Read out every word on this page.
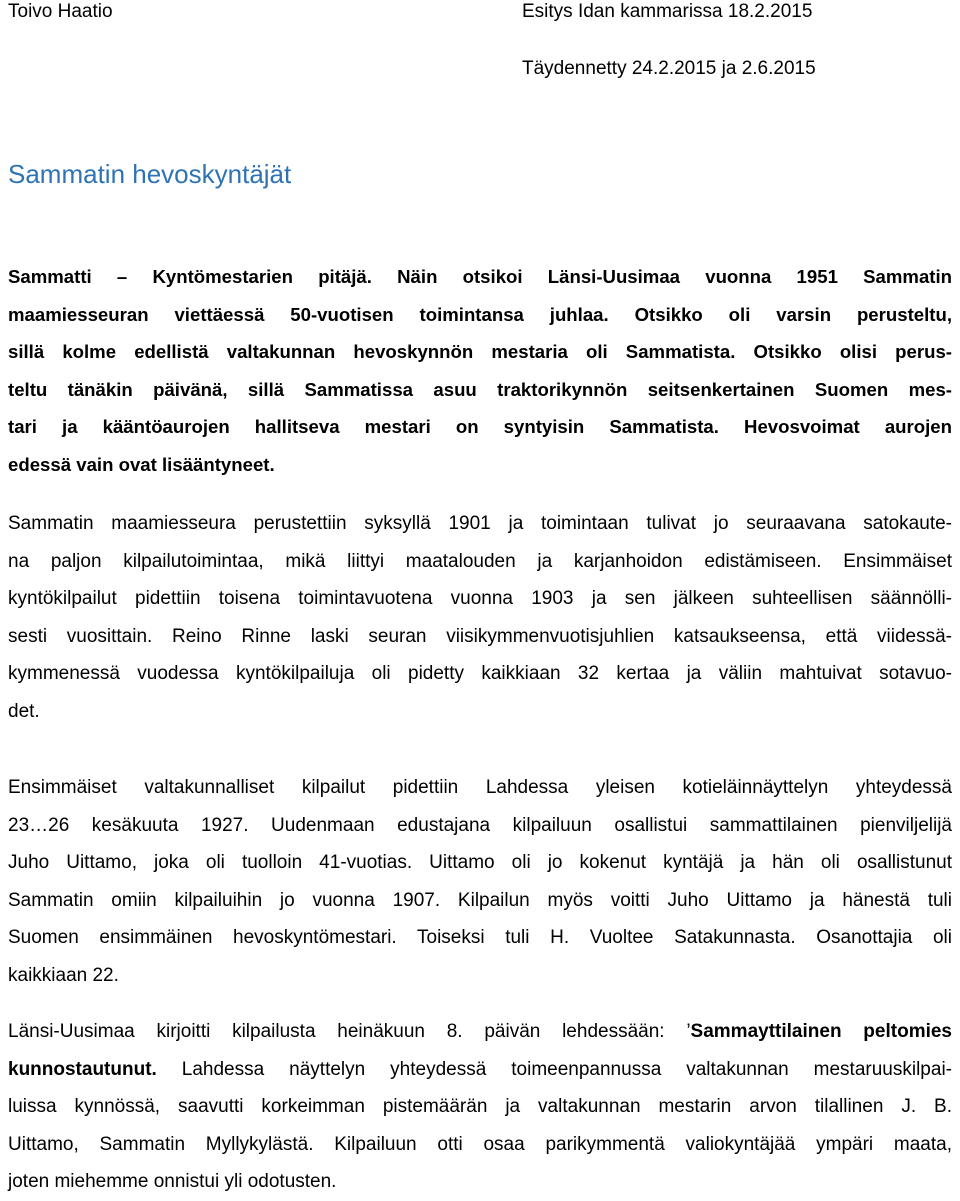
Toivo Haatio	Esitys Idan kammarissa 18.2.2015
Täydennetty 24.2.2015 ja 2.6.2015
Sammatin hevoskyntäjät
Sammatti – Kyntömestarien pitäjä. Näin otsikoi Länsi-Uusimaa vuonna 1951 Sammatin
maamiesseuran viettäessä 50-vuotisen toimintansa juhlaa. Otsikko oli varsin perusteltu,
sillä kolme edellistä valtakunnan hevoskynnön mestaria oli Sammatista. Otsikko olisi perus-
teltu tänäkin päivänä, sillä Sammatissa asuu traktorikynnön seitsenkertainen Suomen mes-
tari ja kääntöaurojen hallitseva mestari on syntyisin Sammatista. Hevosvoimat aurojen
edessä vain ovat lisääntyneet.
Sammatin maamiesseura perustettiin syksyllä 1901 ja toimintaan tulivat jo seuraavana satokaute-
na paljon kilpailutoimintaa, mikä liittyi maatalouden ja karjanhoidon edistämiseen. Ensimmäiset
kyntökilpailut pidettiin toisena toimintavuotena vuonna 1903 ja sen jälkeen suhteellisen säännölli-
sesti vuosittain. Reino Rinne laski seuran viisikymmenvuotisjuhlien katsaukseensa, että viidessä-
kymmenessä vuodessa kyntökilpailuja oli pidetty kaikkiaan 32 kertaa ja väliin mahtuivat sotavuo-
det.
Ensimmäiset valtakunnalliset kilpailut pidettiin Lahdessa yleisen kotieläinnäyttelyn yhteydessä
23…26 kesäkuuta 1927. Uudenmaan edustajana kilpailuun osallistui sammattilainen pienviljelijä
Juho Uittamo, joka oli tuolloin 41-vuotias. Uittamo oli jo kokenut kyntäjä ja hän oli osallistunut
Sammatin omiin kilpailuihin jo vuonna 1907. Kilpailun myös voitti Juho Uittamo ja hänestä tuli
Suomen ensimmäinen hevoskyntömestari. Toiseksi tuli H. Vuoltee Satakunnasta. Osanottajia oli
kaikkiaan 22.
Länsi-Uusimaa kirjoitti kilpailusta heinäkuun 8. päivän lehdessään: ’Sammayttilainen peltomies
kunnostautunut. Lahdessa näyttelyn yhteydessä toimeenpannussa valtakunnan mestaruuskilpai-
luissa kynnössä, saavutti korkeimman pistemäärän ja valtakunnan mestarin arvon tilallinen J. B.
Uittamo, Sammatin Myllykylästä. Kilpailuun otti osaa parikymmentä valiokyntäjää ympäri maata,
joten miehemme onnistui yli odotusten.
